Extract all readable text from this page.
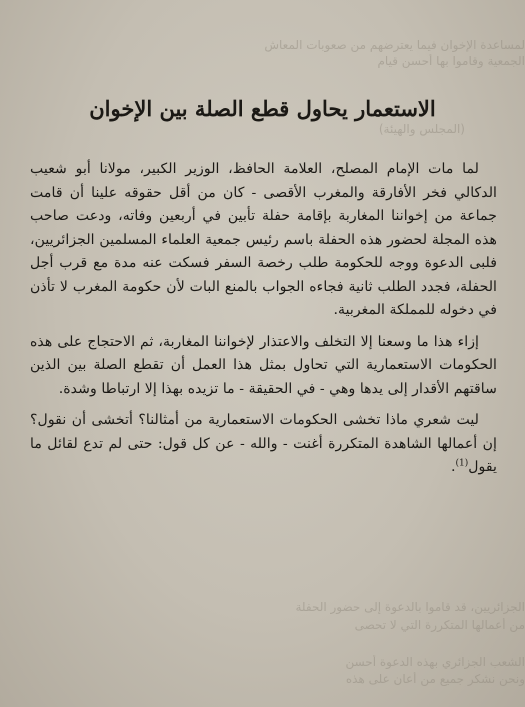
لمساعدة الإخوان فيما يعترضهم من صعوبات المعاش
الجمعية وقاموا بها أحسن قيام
(المجلس والهيئة)
الجزائريين، قد قاموا بالدعوة إلى حضور الحفلة
من أعمالها المتكررة التي لا تحصى
الشعب الجزائري بهذه الدعوة أحسن
ونحن نشكر جميع من أعان على هذه
الاستعمار يحاول قطع الصلة بين الإخوان

لما مات الإمام المصلح، العلامة الحافظ، الوزير الكبير، مولانا أبو شعيب الدكالي فخر الأفارقة والمغرب الأقصى - كان من أقل حقوقه علينا أن قامت جماعة من إخواننا المغاربة بإقامة حفلة تأبين في أربعين وفاته، ودعت صاحب هذه المجلة لحضور هذه الحفلة باسم رئيس جمعية العلماء المسلمين الجزائريين، فلبى الدعوة ووجه للحكومة طلب رخصة السفر فسكت عنه مدة مع قرب أجل الحفلة، فجدد الطلب ثانية فجاءه الجواب بالمنع البات لأن حكومة المغرب لا تأذن في دخوله للمملكة المغربية.

إزاء هذا ما وسعنا إلا التخلف والاعتذار لإخواننا المغاربة، ثم الاحتجاج على هذه الحكومات الاستعمارية التي تحاول بمثل هذا العمل أن تقطع الصلة بين الذين ساقتهم الأقدار إلى يدها وهي - في الحقيقة - ما تزيده بهذا إلا ارتباطا وشدة.

ليت شعري ماذا تخشى الحكومات الاستعمارية من أمثالنا؟ أتخشى أن نقول؟ إن أعمالها الشاهدة المتكررة أغنت - والله - عن كل قول: حتى لم تدع لقائل ما يقول$^{(1)}$.
